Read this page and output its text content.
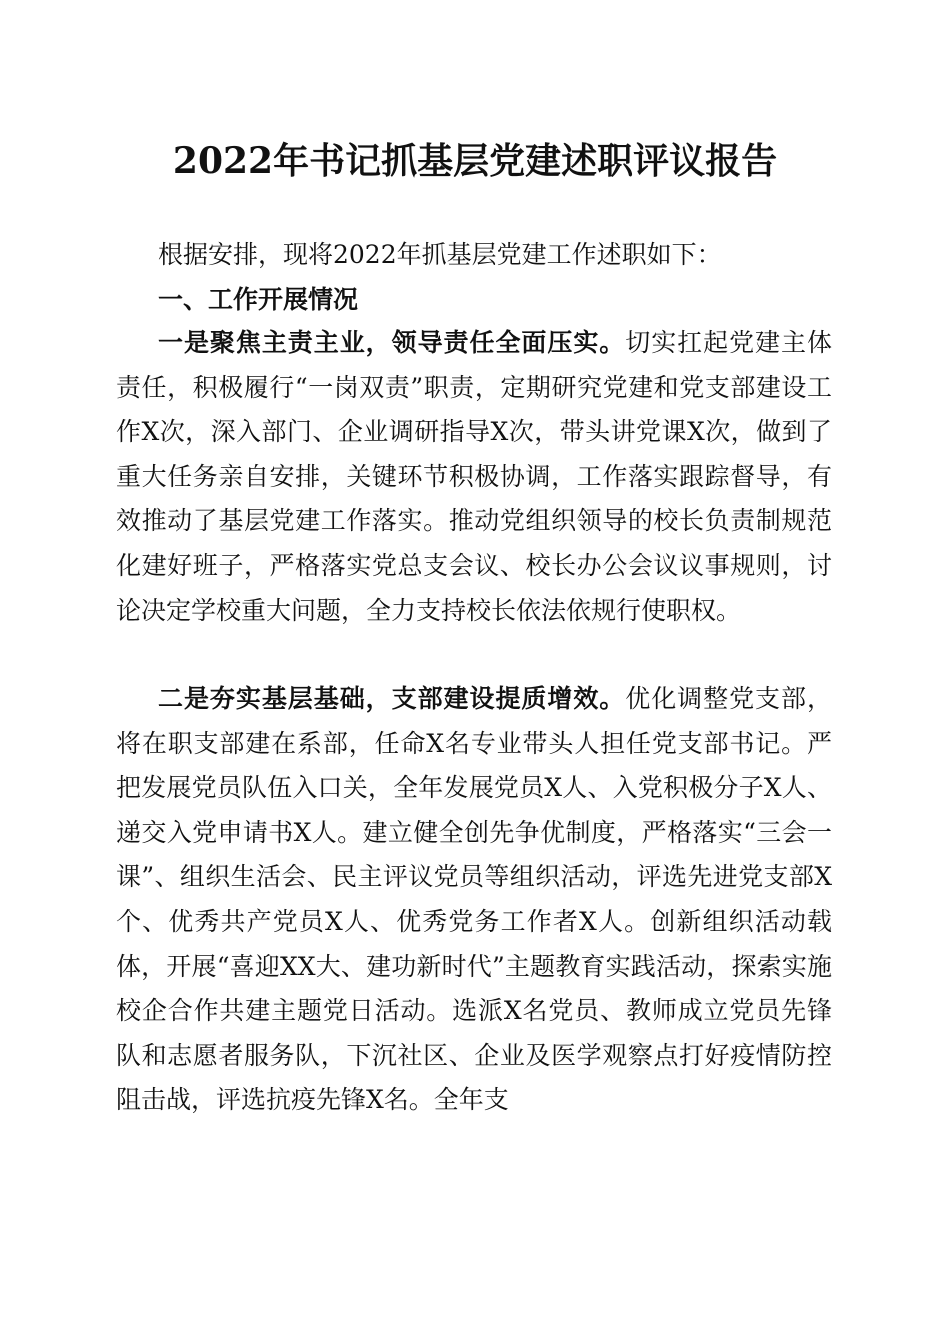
2022年书记抓基层党建述职评议报告

根据安排，现将2022年抓基层党建工作述职如下：

一、工作开展情况

一是聚焦主责主业，领导责任全面压实。切实扛起党建主体责任，积极履行“一岗双责”职责，定期研究党建和党支部建设工作X次，深入部门、企业调研指导X次，带头讲党课X次，做到了重大任务亲自安排，关键环节积极协调，工作落实跟踪督导，有效推动了基层党建工作落实。推动党组织领导的校长负责制规范化建好班子，严格落实党总支会议、校长办公会议议事规则，讨论决定学校重大问题，全力支持校长依法依规行使职权。

二是夯实基层基础，支部建设提质增效。优化调整党支部，将在职支部建在系部，任命X名专业带头人担任党支部书记。严把发展党员队伍入口关，全年发展党员X人、入党积极分子X人、递交入党申请书X人。建立健全创先争优制度，严格落实“三会一课”、组织生活会、民主评议党员等组织活动，评选先进党支部X个、优秀共产党员X人、优秀党务工作者X人。创新组织活动载体，开展“喜迎XX大、建功新时代”主题教育实践活动，探索实施校企合作共建主题党日活动。选派X名党员、教师成立党员先锋队和志愿者服务队，下沉社区、企业及医学观察点打好疫情防控阻击战，评选抗疫先锋X名。全年支
